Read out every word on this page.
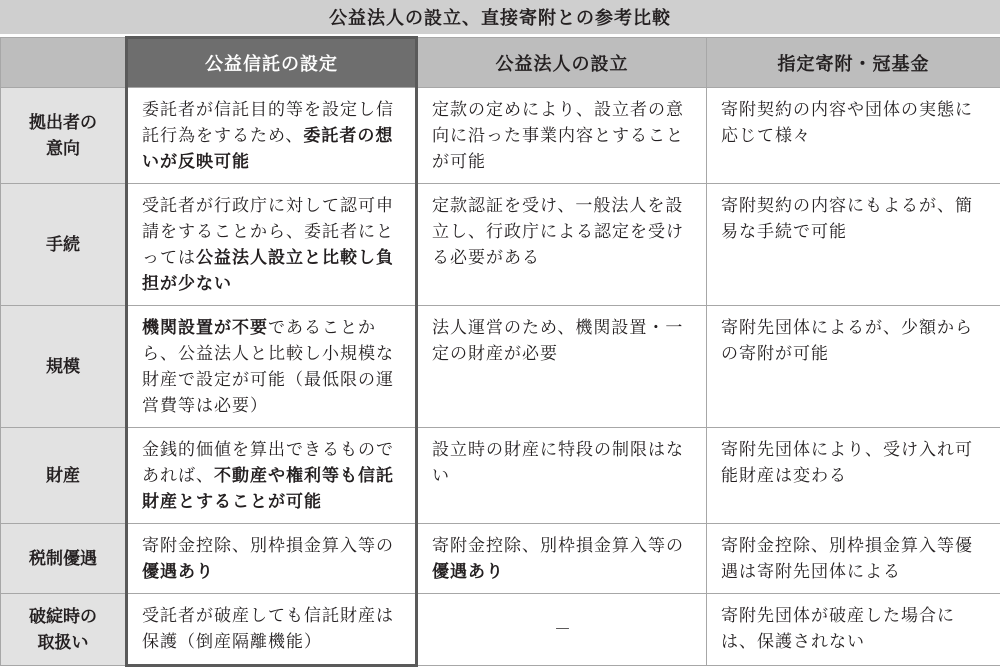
公益法人の設立、直接寄附との参考比較
	公益信託の設定	公益法人の設立	指定寄附・冠基金
拠出者の
意向	委託者が信託目的等を設定し信託行為をするため、委託者の想いが反映可能	定款の定めにより、設立者の意向に沿った事業内容とすることが可能	寄附契約の内容や団体の実態に応じて様々
手続	受託者が行政庁に対して認可申請をすることから、委託者にとっては公益法人設立と比較し負担が少ない	定款認証を受け、一般法人を設立し、行政庁による認定を受ける必要がある	寄附契約の内容にもよるが、簡易な手続で可能
規模	機関設置が不要であることから、公益法人と比較し小規模な財産で設定が可能（最低限の運営費等は必要）	法人運営のため、機関設置・一定の財産が必要	寄附先団体によるが、少額からの寄附が可能
財産	金銭的価値を算出できるものであれば、不動産や権利等も信託財産とすることが可能	設立時の財産に特段の制限はない	寄附先団体により、受け入れ可能財産は変わる
税制優遇	寄附金控除、別枠損金算入等の優遇あり	寄附金控除、別枠損金算入等の優遇あり	寄附金控除、別枠損金算入等優遇は寄附先団体による
破綻時の
取扱い	受託者が破産しても信託財産は保護（倒産隔離機能）	－	寄附先団体が破産した場合には、保護されない
